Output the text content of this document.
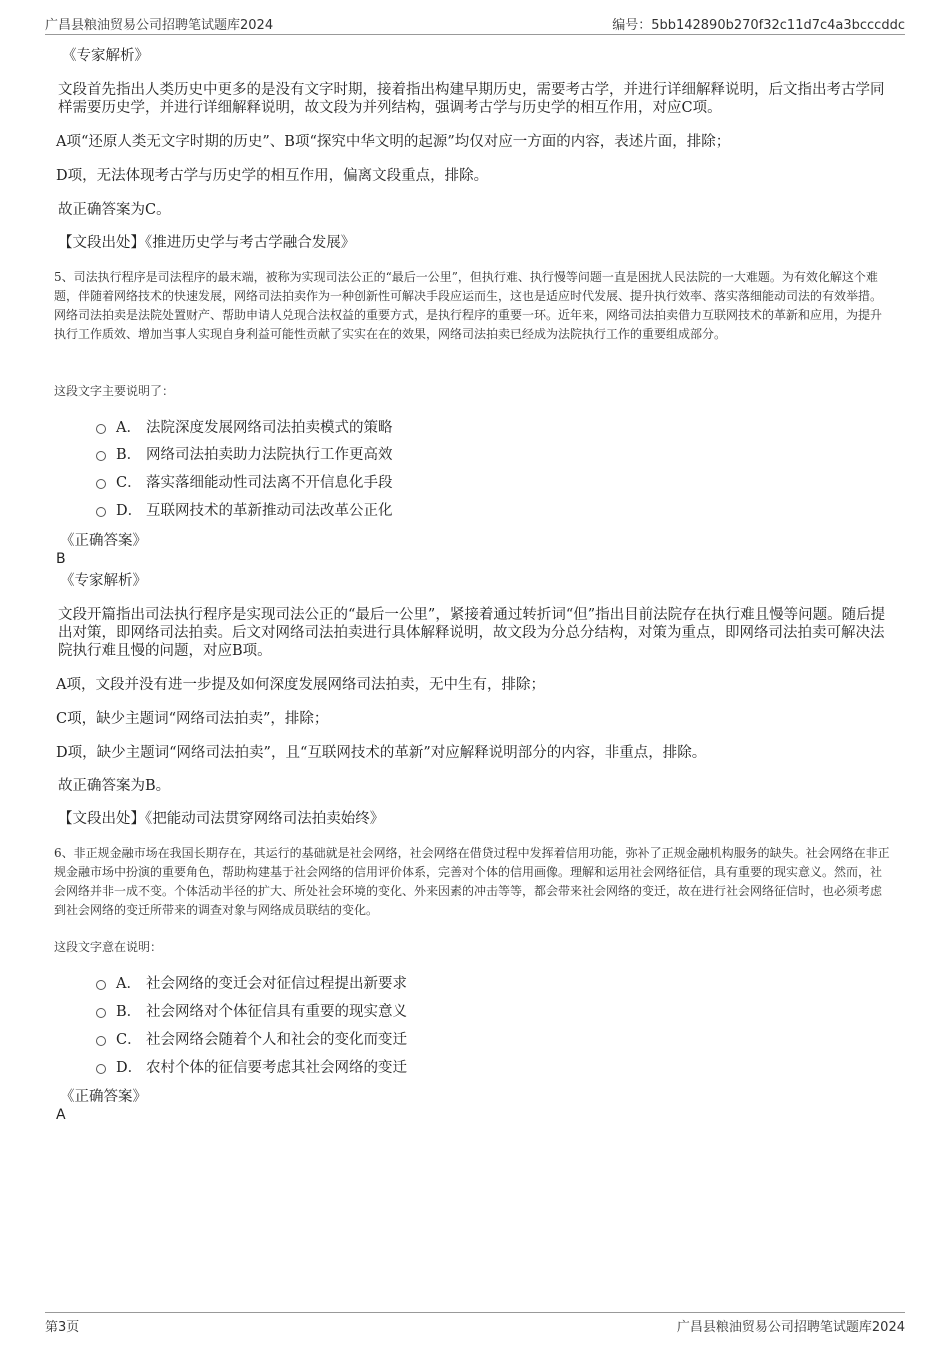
广昌县粮油贸易公司招聘笔试题库2024	编号：5bb142890b270f32c11d7c4a3bcccddc

《专家解析》

文段首先指出人类历史中更多的是没有文字时期，接着指出构建早期历史，需要考古学，并进行详细解释说明，后文指出考古学同样需要历史学，并进行详细解释说明，故文段为并列结构，强调考古学与历史学的相互作用，对应C项。

A项“还原人类无文字时期的历史”、B项“探究中华文明的起源”均仅对应一方面的内容，表述片面，排除；

D项，无法体现考古学与历史学的相互作用，偏离文段重点，排除。

故正确答案为C。

【文段出处】《推进历史学与考古学融合发展》

5、司法执行程序是司法程序的最末端，被称为实现司法公正的“最后一公里”，但执行难、执行慢等问题一直是困扰人民法院的一大难题。为有效化解这个难题，伴随着网络技术的快速发展，网络司法拍卖作为一种创新性可解决手段应运而生，这也是适应时代发展、提升执行效率、落实落细能动司法的有效举措。网络司法拍卖是法院处置财产、帮助申请人兑现合法权益的重要方式，是执行程序的重要一环。近年来，网络司法拍卖借力互联网技术的革新和应用，为提升执行工作质效、增加当事人实现自身利益可能性贡献了实实在在的效果，网络司法拍卖已经成为法院执行工作的重要组成部分。

这段文字主要说明了：

A． 法院深度发展网络司法拍卖模式的策略
B． 网络司法拍卖助力法院执行工作更高效
C． 落实落细能动性司法离不开信息化手段
D． 互联网技术的革新推动司法改革公正化

《正确答案》

B

《专家解析》

文段开篇指出司法执行程序是实现司法公正的“最后一公里”，紧接着通过转折词“但”指出目前法院存在执行难且慢等问题。随后提出对策，即网络司法拍卖。后文对网络司法拍卖进行具体解释说明，故文段为分总分结构，对策为重点，即网络司法拍卖可解决法院执行难且慢的问题，对应B项。

A项，文段并没有进一步提及如何深度发展网络司法拍卖，无中生有，排除；

C项，缺少主题词“网络司法拍卖”，排除；

D项，缺少主题词“网络司法拍卖”，且“互联网技术的革新”对应解释说明部分的内容，非重点，排除。

故正确答案为B。

【文段出处】《把能动司法贯穿网络司法拍卖始终》

6、非正规金融市场在我国长期存在，其运行的基础就是社会网络，社会网络在借贷过程中发挥着信用功能，弥补了正规金融机构服务的缺失。社会网络在非正规金融市场中扮演的重要角色，帮助构建基于社会网络的信用评价体系，完善对个体的信用画像。理解和运用社会网络征信，具有重要的现实意义。然而，社会网络并非一成不变。个体活动半径的扩大、所处社会环境的变化、外来因素的冲击等等，都会带来社会网络的变迁，故在进行社会网络征信时，也必须考虑到社会网络的变迁所带来的调查对象与网络成员联结的变化。

这段文字意在说明：

A． 社会网络的变迁会对征信过程提出新要求
B． 社会网络对个体征信具有重要的现实意义
C． 社会网络会随着个人和社会的变化而变迁
D． 农村个体的征信要考虑其社会网络的变迁

《正确答案》

A

第3页	广昌县粮油贸易公司招聘笔试题库2024
